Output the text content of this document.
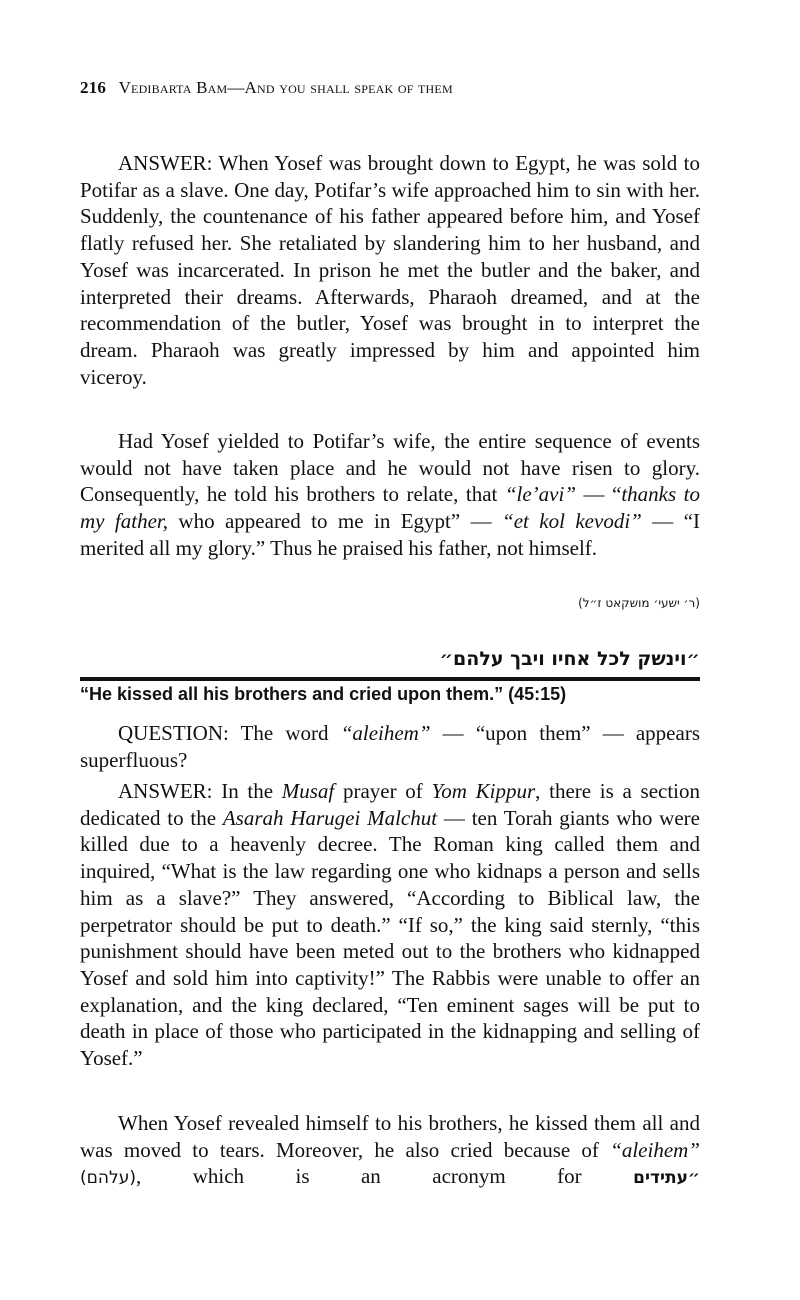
216 Vedibarta Bam—And you shall speak of them

ANSWER: When Yosef was brought down to Egypt, he was sold to Potifar as a slave. One day, Potifar’s wife approached him to sin with her. Suddenly, the countenance of his father appeared before him, and Yosef flatly refused her. She retaliated by slandering him to her husband, and Yosef was incarcerated. In prison he met the butler and the baker, and interpreted their dreams. Afterwards, Pharaoh dreamed, and at the recommendation of the butler, Yosef was brought in to interpret the dream. Pharaoh was greatly impressed by him and appointed him viceroy.

Had Yosef yielded to Potifar’s wife, the entire sequence of events would not have taken place and he would not have risen to glory. Consequently, he told his brothers to relate, that “le’avi” — “thanks to my father, who appeared to me in Egypt” — “et kol kevodi” — “I merited all my glory.” Thus he praised his father, not himself.

(ר׳ ישעי׳ מושקאט ז״ל)
״וינשק לכל אחיו ויבך עלהם״
“He kissed all his brothers and cried upon them.” (45:15)

QUESTION: The word “aleihem” — “upon them” — appears superfluous?

ANSWER: In the Musaf prayer of Yom Kippur, there is a section dedicated to the Asarah Harugei Malchut — ten Torah giants who were killed due to a heavenly decree. The Roman king called them and inquired, “What is the law regarding one who kidnaps a person and sells him as a slave?” They answered, “According to Biblical law, the perpetrator should be put to death.” “If so,” the king said sternly, “this punishment should have been meted out to the brothers who kidnapped Yosef and sold him into captivity!” The Rabbis were unable to offer an explanation, and the king declared, “Ten eminent sages will be put to death in place of those who participated in the kidnapping and selling of Yosef.”

When Yosef revealed himself to his brothers, he kissed them all and was moved to tears. Moreover, he also cried because of “aleihem” (עלהם), which is an acronym for ״עתידים
